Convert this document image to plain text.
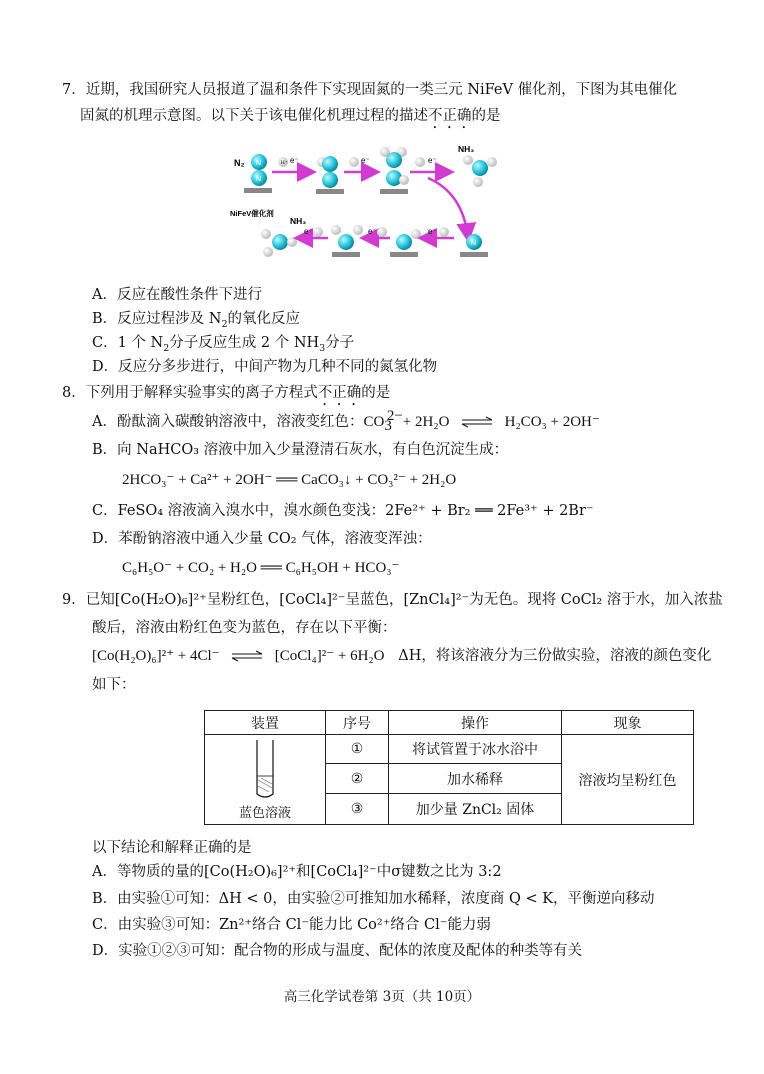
7．近期，我国研究人员报道了温和条件下实现固氮的一类三元 NiFeV 催化剂，下图为其电催化
固氮的机理示意图。以下关于该电催化机理过程的描述不正确的是
N₂ N
N
NiFeV催化剂
H⁺ e⁻	e⁻	e⁻
NH₃
NH₃
e⁻	e⁻	e⁻
N
A．反应在酸性条件下进行
B．反应过程涉及 $N_2$的氧化反应
C．1 个 $N_2$分子反应生成 2 个 $NH_3$分子
D．反应分多步进行，中间产物为几种不同的氮氢化物
8．下列用于解释实验事实的离子方程式不正确的是
A．酚酞滴入碳酸钠溶液中，溶液变红色：$CO_3^{2-}+ 2H_2O$ ⇌ H₂CO₃ + 2OH⁻
B．向 NaHCO₃ 溶液中加入少量澄清石灰水，有白色沉淀生成：
2HCO₃⁻ + Ca²⁺ + 2OH⁻ ══ CaCO₃↓ + CO₃²⁻ + 2H₂O
C．FeSO₄ 溶液滴入溴水中，溴水颜色变浅：2Fe²⁺ + Br₂ ══ 2Fe³⁺ + 2Br⁻
D．苯酚钠溶液中通入少量 CO₂ 气体，溶液变浑浊：
C₆H₅O⁻ + CO₂ + H₂O ══ C₆H₅OH + HCO₃⁻
9．已知[Co(H₂O)₆]²⁺呈粉红色，[CoCl₄]²⁻呈蓝色，[ZnCl₄]²⁻为无色。现将 CoCl₂ 溶于水，加入浓盐
酸后，溶液由粉红色变为蓝色，存在以下平衡：
[Co(H₂O)₆]²⁺ + 4Cl⁻ ⇌ [CoCl₄]²⁻ + 6H₂O ΔH，将该溶液分为三份做实验，溶液的颜色变化
如下：
装置	序号	操作	现象

蓝色溶液	①	将试管置于冰水浴中	溶液均呈粉红色
	②	加水稀释	
	③	加少量 ZnCl₂ 固体	
以下结论和解释正确的是
A．等物质的量的[Co(H₂O)₆]²⁺和[CoCl₄]²⁻中σ键数之比为 3:2
B．由实验①可知：ΔH < 0，由实验②可推知加水稀释，浓度商 Q < K，平衡逆向移动
C．由实验③可知：Zn²⁺络合 Cl⁻能力比 Co²⁺络合 Cl⁻能力弱
D．实验①②③可知：配合物的形成与温度、配体的浓度及配体的种类等有关
高三化学试卷第 3页（共 10页）
